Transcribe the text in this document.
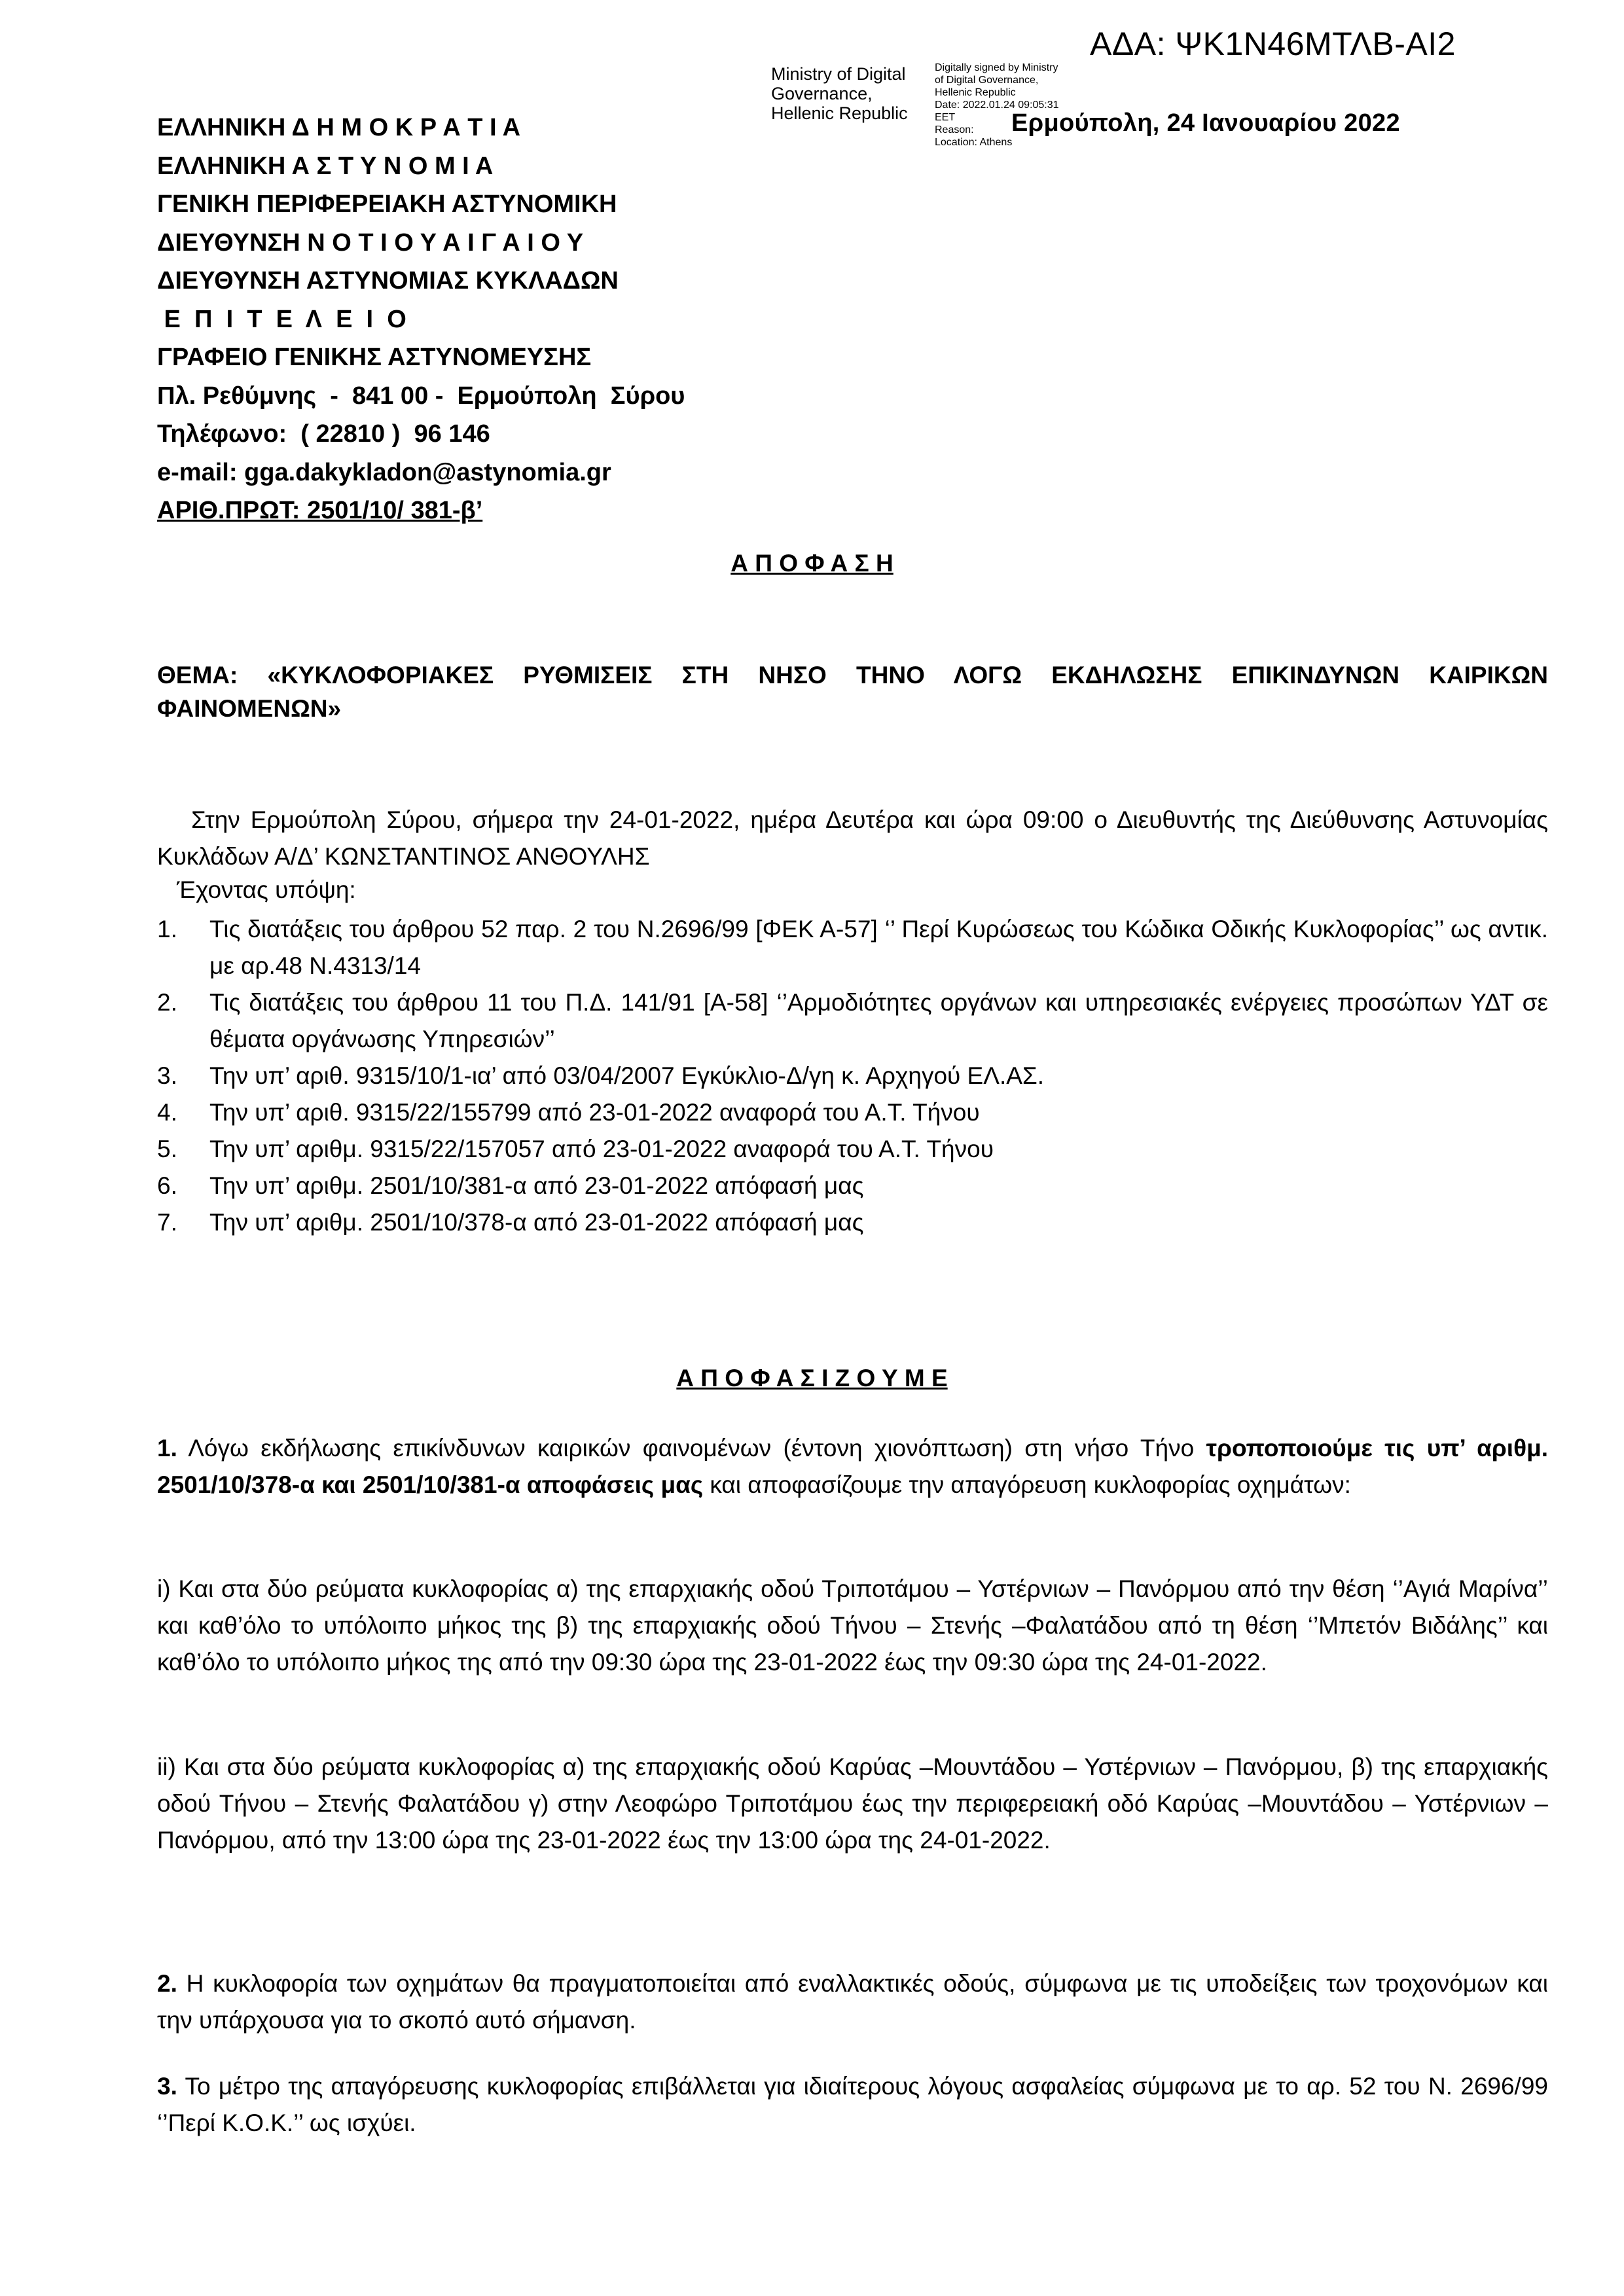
ΑΔΑ: ΨΚ1Ν46ΜΤΛΒ-ΑΙ2
Ministry of Digital
Governance,
Hellenic Republic
Digitally signed by Ministry
of Digital Governance,
Hellenic Republic
Date: 2022.01.24 09:05:31
EET
Reason:
Location: Athens
Ερμούπολη, 24 Ιανουαρίου 2022
ΕΛΛΗΝΙΚΗ Δ Η Μ Ο Κ Ρ Α Τ Ι Α
ΕΛΛΗΝΙΚΗ Α Σ Τ Υ Ν Ο Μ Ι Α
ΓΕΝΙΚΗ ΠΕΡΙΦΕΡΕΙΑΚΗ ΑΣΤΥΝΟΜΙΚΗ
ΔΙΕΥΘΥΝΣΗ Ν Ο Τ Ι Ο Υ Α Ι Γ Α Ι Ο Υ
ΔΙΕΥΘΥΝΣΗ ΑΣΤΥΝΟΜΙΑΣ ΚΥΚΛΑΔΩΝ
Ε  Π  Ι  Τ  Ε  Λ  Ε  Ι  Ο
ΓΡΑΦΕΙΟ ΓΕΝΙΚΗΣ ΑΣΤΥΝΟΜΕΥΣΗΣ
Πλ. Ρεθύμνης  -  841 00 -  Ερμούπολη  Σύρου
Τηλέφωνο:  ( 22810 )  96 146
e-mail: gga.dakykladon@astynomia.gr
ΑΡΙΘ.ΠΡΩΤ: 2501/10/ 381-β’
Α Π Ο Φ Α Σ Η
ΘΕΜΑ: «ΚΥΚΛΟΦΟΡΙΑΚΕΣ ΡΥΘΜΙΣΕΙΣ ΣΤΗ ΝΗΣΟ ΤΗΝΟ ΛΟΓΩ ΕΚΔΗΛΩΣΗΣ ΕΠΙΚΙΝΔΥΝΩΝ ΚΑΙΡΙΚΩΝ
ΦΑΙΝΟΜΕΝΩΝ»
Στην Ερμούπολη Σύρου, σήμερα την 24-01-2022, ημέρα Δευτέρα και ώρα 09:00 ο Διευθυντής της Διεύθυνσης Αστυνομίας Κυκλάδων Α/Δ’ ΚΩΝΣΤΑΝΤΙΝΟΣ ΑΝΘΟΥΛΗΣ
Έχοντας υπόψη:
1.	Τις διατάξεις του άρθρου 52 παρ. 2 του Ν.2696/99 [ΦΕΚ Α-57] ‘’ Περί Κυρώσεως του Κώδικα Οδικής Κυκλοφορίας’’ ως αντικ. με αρ.48 Ν.4313/14
2.	Τις διατάξεις του άρθρου 11 του Π.Δ. 141/91 [Α-58] ‘’Αρμοδιότητες οργάνων και υπηρεσιακές ενέργειες προσώπων ΥΔΤ σε θέματα οργάνωσης Υπηρεσιών’’
3.	Την υπ’ αριθ. 9315/10/1-ια’ από 03/04/2007 Εγκύκλιο-Δ/γη κ. Αρχηγού ΕΛ.ΑΣ.
4.	Την υπ’ αριθ. 9315/22/155799 από 23-01-2022 αναφορά του Α.Τ. Τήνου
5.	Την υπ’ αριθμ. 9315/22/157057 από 23-01-2022 αναφορά του Α.Τ. Τήνου
6.	Την υπ’ αριθμ. 2501/10/381-α από 23-01-2022 απόφασή μας
7.	Την υπ’ αριθμ. 2501/10/378-α από 23-01-2022 απόφασή μας
Α Π Ο Φ Α Σ Ι Ζ Ο Υ Μ Ε
1. Λόγω εκδήλωσης επικίνδυνων καιρικών φαινομένων (έντονη χιονόπτωση) στη νήσο Τήνο τροποποιούμε τις υπ’ αριθμ. 2501/10/378-α και 2501/10/381-α αποφάσεις μας και αποφασίζουμε την απαγόρευση κυκλοφορίας οχημάτων:
i) Και στα δύο ρεύματα κυκλοφορίας α) της επαρχιακής οδού Τριποτάμου – Υστέρνιων – Πανόρμου από την θέση ‘’Αγιά Μαρίνα’’ και καθ’όλο το υπόλοιπο μήκος της β) της επαρχιακής οδού Τήνου – Στενής –Φαλατάδου από τη θέση ‘’Μπετόν Βιδάλης’’ και καθ’όλο το υπόλοιπο μήκος της από την 09:30 ώρα της 23-01-2022 έως την 09:30 ώρα της 24-01-2022.
ii) Και στα δύο ρεύματα κυκλοφορίας α) της επαρχιακής οδού Καρύας –Μουντάδου – Υστέρνιων – Πανόρμου, β) της επαρχιακής οδού Τήνου – Στενής Φαλατάδου γ) στην Λεοφώρο Τριποτάμου έως την περιφερειακή οδό Καρύας –Μουντάδου – Υστέρνιων – Πανόρμου, από την 13:00 ώρα της 23-01-2022 έως την 13:00 ώρα της 24-01-2022.
2. Η κυκλοφορία των οχημάτων θα πραγματοποιείται από εναλλακτικές οδούς, σύμφωνα με τις υποδείξεις των τροχονόμων και την υπάρχουσα για το σκοπό αυτό σήμανση.
3. Το μέτρο της απαγόρευσης κυκλοφορίας επιβάλλεται για ιδιαίτερους λόγους ασφαλείας σύμφωνα με το αρ. 52 του Ν. 2696/99 ‘’Περί Κ.Ο.Κ.’’ ως ισχύει.
